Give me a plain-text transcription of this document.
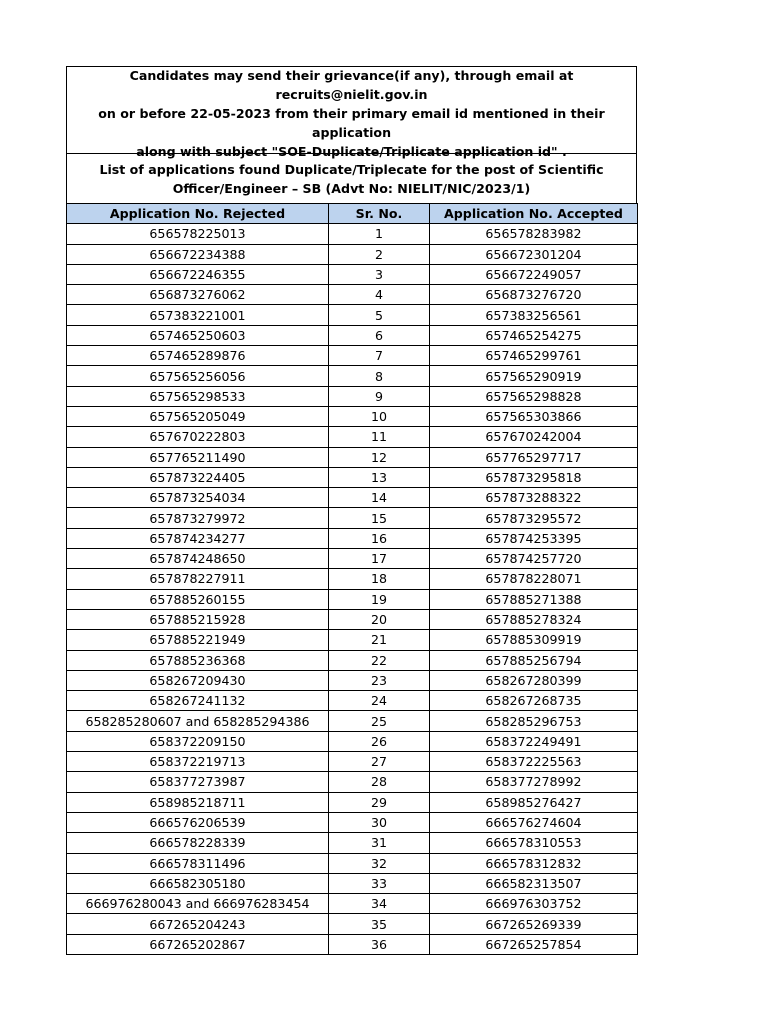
Candidates may send their grievance(if any), through email at recruits@nielit.gov.in
on or before 22-05-2023 from their primary email id mentioned in their application
along with subject "SOE-Duplicate/Triplicate application id" .

List of applications found Duplicate/Triplecate for the post of Scientific
Officer/Engineer – SB (Advt No: NIELIT/NIC/2023/1)
Application No. Rejected	Sr. No.	Application No. Accepted
656578225013	1	656578283982
656672234388	2	656672301204
656672246355	3	656672249057
656873276062	4	656873276720
657383221001	5	657383256561
657465250603	6	657465254275
657465289876	7	657465299761
657565256056	8	657565290919
657565298533	9	657565298828
657565205049	10	657565303866
657670222803	11	657670242004
657765211490	12	657765297717
657873224405	13	657873295818
657873254034	14	657873288322
657873279972	15	657873295572
657874234277	16	657874253395
657874248650	17	657874257720
657878227911	18	657878228071
657885260155	19	657885271388
657885215928	20	657885278324
657885221949	21	657885309919
657885236368	22	657885256794
658267209430	23	658267280399
658267241132	24	658267268735
658285280607 and 658285294386	25	658285296753
658372209150	26	658372249491
658372219713	27	658372225563
658377273987	28	658377278992
658985218711	29	658985276427
666576206539	30	666576274604
666578228339	31	666578310553
666578311496	32	666578312832
666582305180	33	666582313507
666976280043 and 666976283454	34	666976303752
667265204243	35	667265269339
667265202867	36	667265257854
